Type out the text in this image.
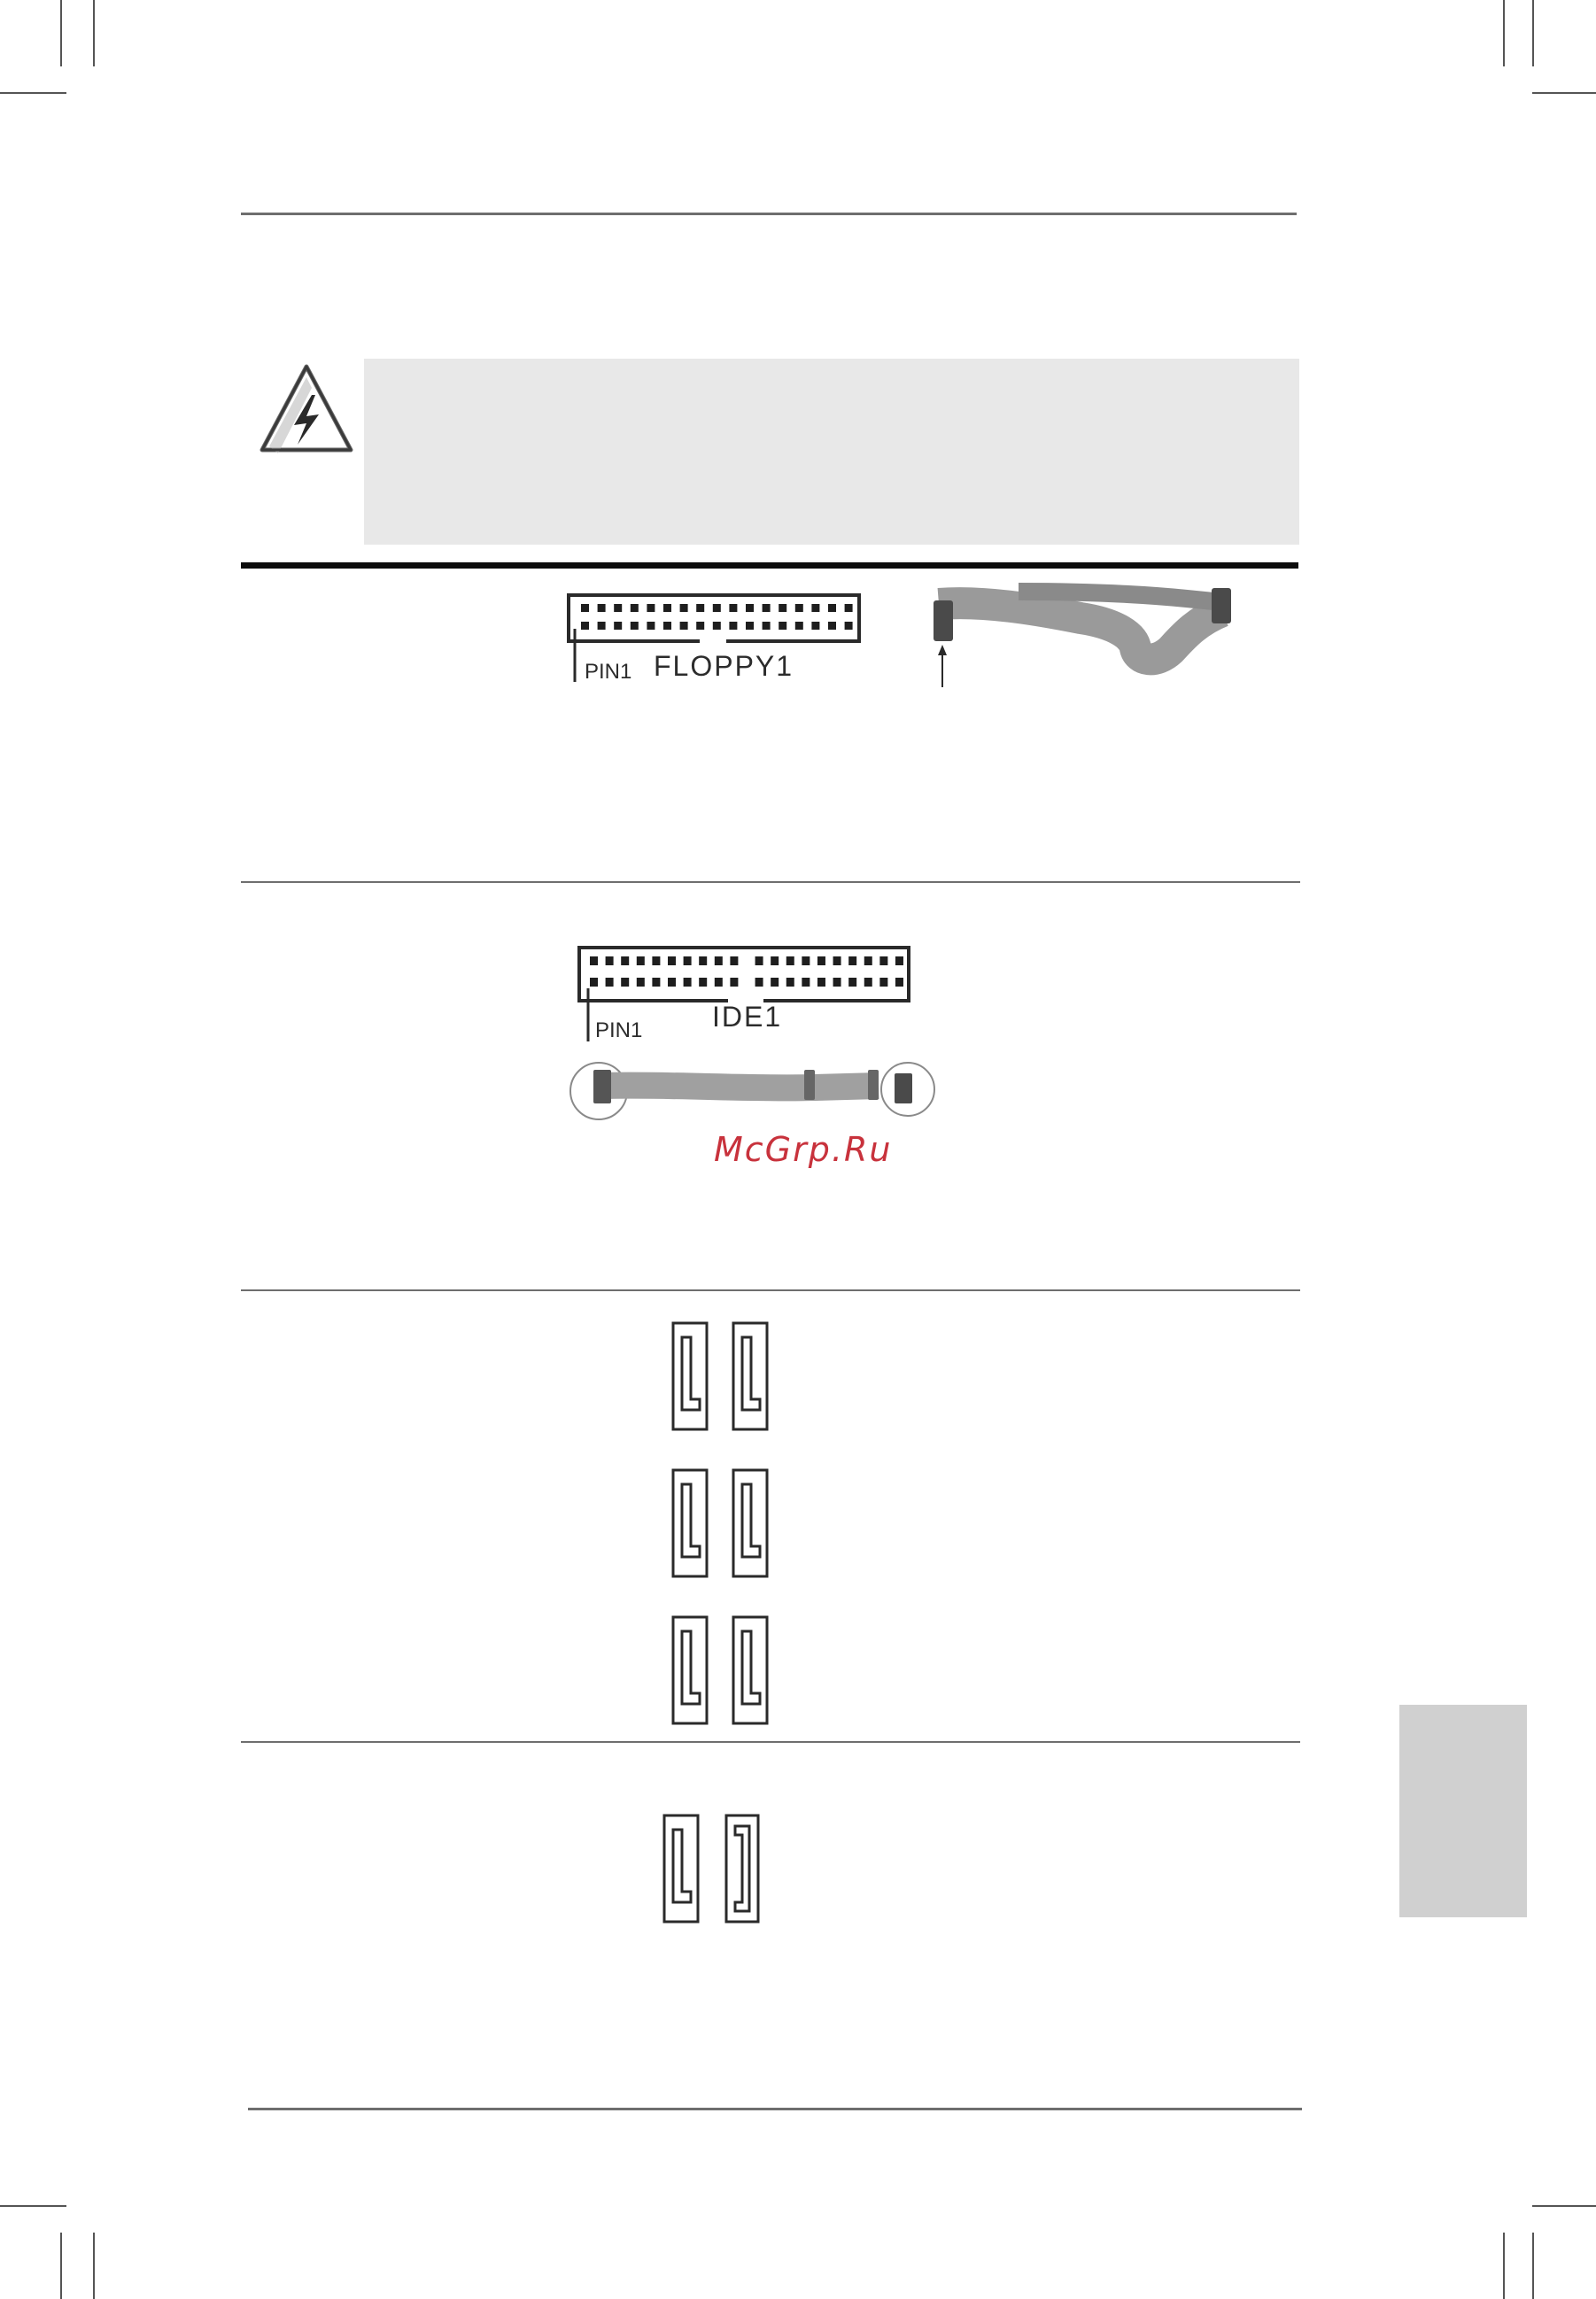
PIN1 FLOPPY1
PIN1 IDE1
McGrp.Ru
